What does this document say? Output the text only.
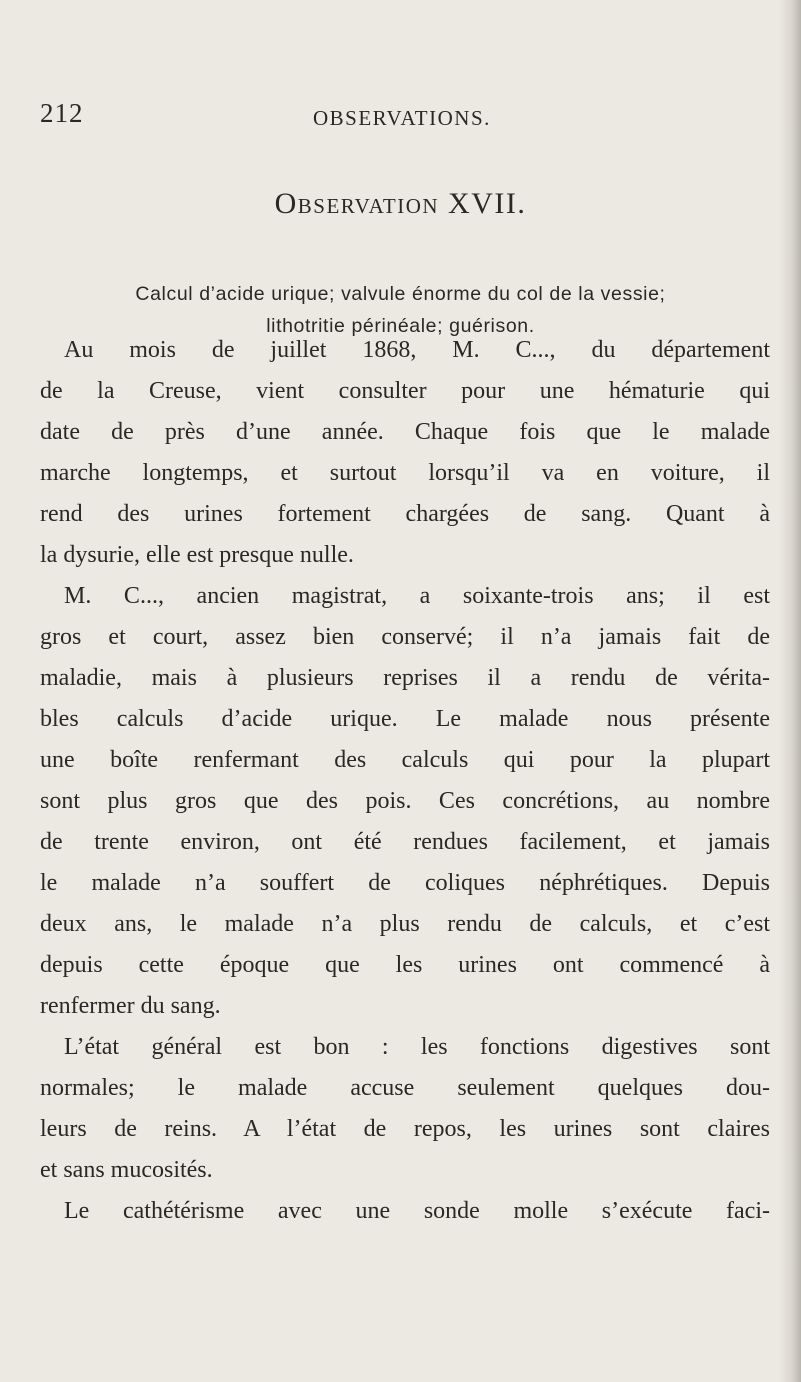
212	OBSERVATIONS.
Observation XVII.
Calcul d’acide urique; valvule énorme du col de la vessie;
lithotritie périnéale; guérison.
Au mois de juillet 1868, M. C..., du département
de la Creuse, vient consulter pour une hématurie qui
date de près d’une année. Chaque fois que le malade
marche longtemps, et surtout lorsqu’il va en voiture, il
rend des urines fortement chargées de sang. Quant à
la dysurie, elle est presque nulle.
M. C..., ancien magistrat, a soixante-trois ans; il est
gros et court, assez bien conservé; il n’a jamais fait de
maladie, mais à plusieurs reprises il a rendu de vérita-
bles calculs d’acide urique. Le malade nous présente
une boîte renfermant des calculs qui pour la plupart
sont plus gros que des pois. Ces concrétions, au nombre
de trente environ, ont été rendues facilement, et jamais
le malade n’a souffert de coliques néphrétiques. Depuis
deux ans, le malade n’a plus rendu de calculs, et c’est
depuis cette époque que les urines ont commencé à
renfermer du sang.
L’état général est bon : les fonctions digestives sont
normales; le malade accuse seulement quelques dou-
leurs de reins. A l’état de repos, les urines sont claires
et sans mucosités.
Le cathétérisme avec une sonde molle s’exécute faci-
